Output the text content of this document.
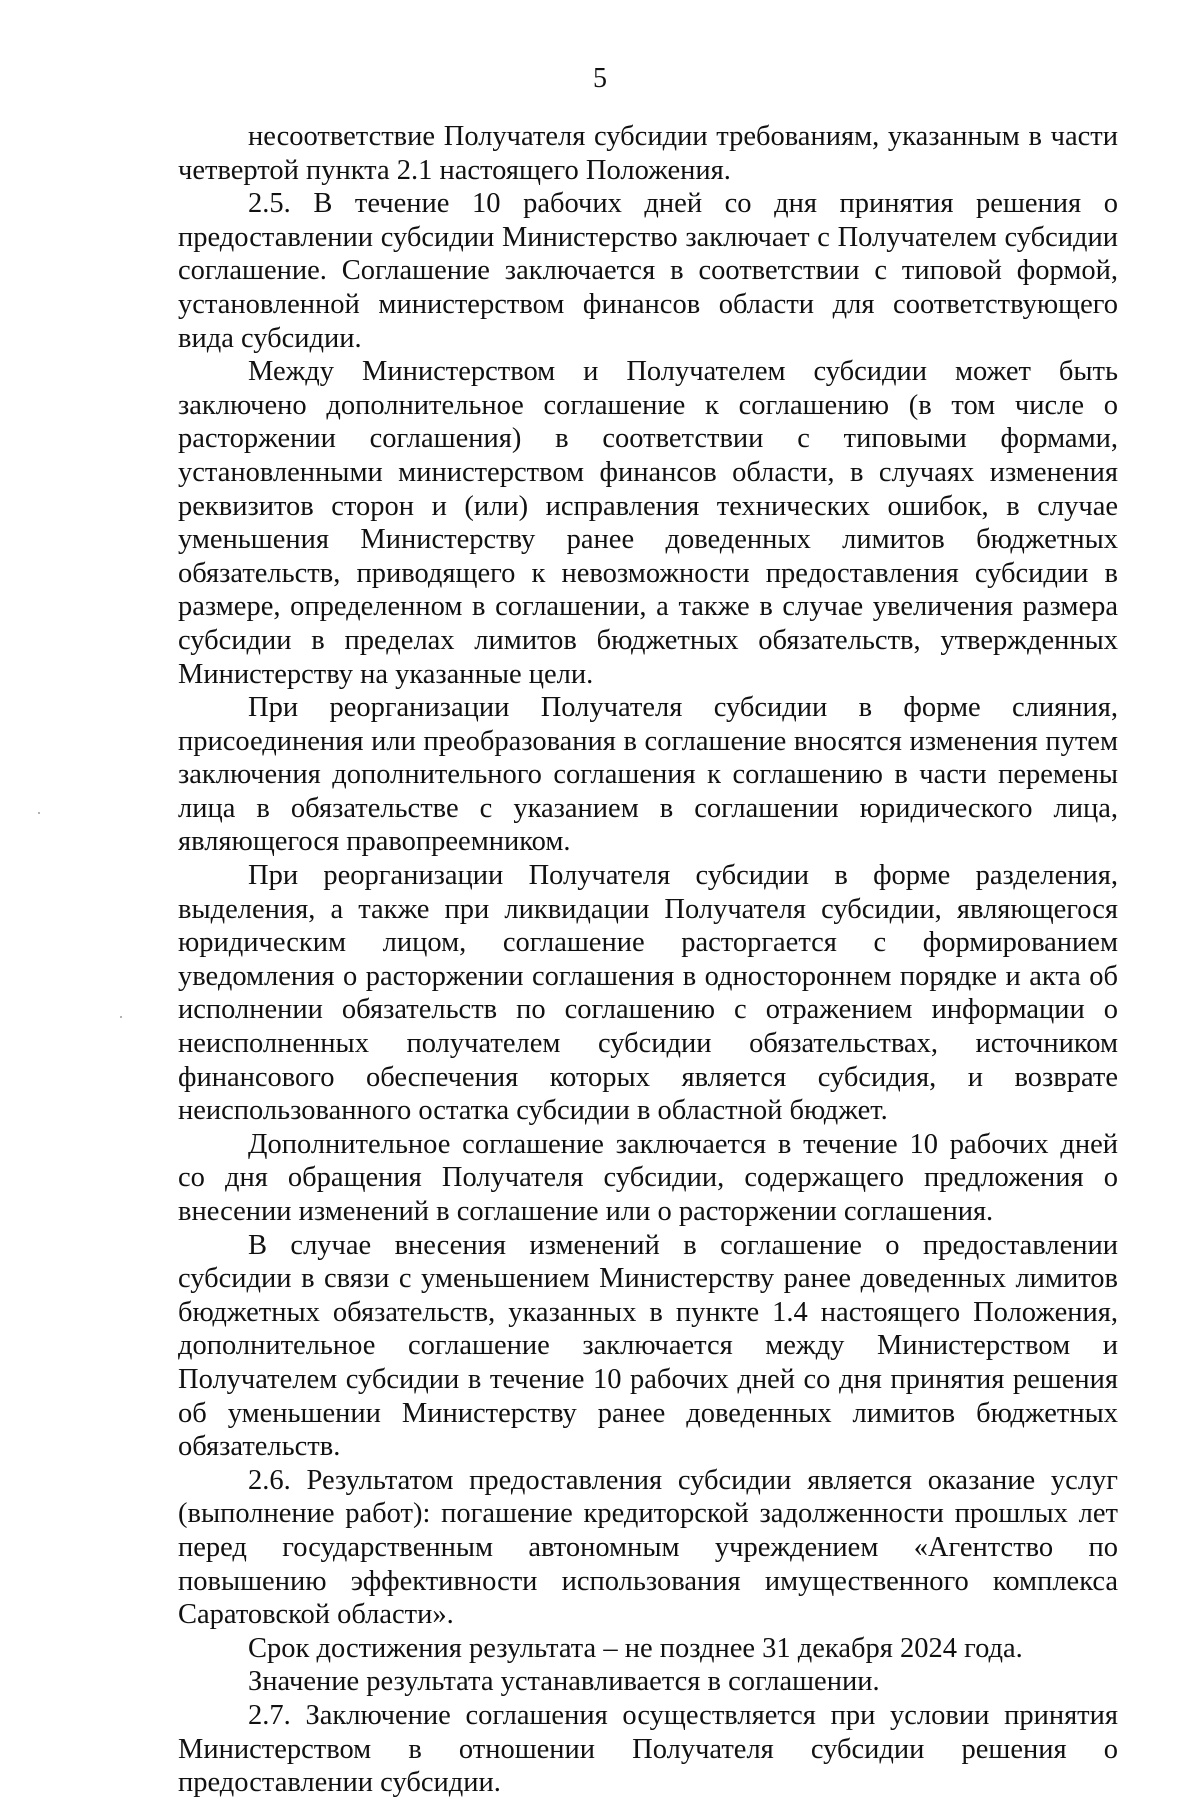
5

несоответствие Получателя субсидии требованиям, указанным в части четвертой пункта 2.1 настоящего Положения.

2.5. В течение 10 рабочих дней со дня принятия решения о предоставлении субсидии Министерство заключает с Получателем субсидии соглашение. Соглашение заключается в соответствии с типовой формой, установленной министерством финансов области для соответствующего вида субсидии.

Между Министерством и Получателем субсидии может быть заключено дополнительное соглашение к соглашению (в том числе о расторжении соглашения) в соответствии с типовыми формами, установленными министерством финансов области, в случаях изменения реквизитов сторон и (или) исправления технических ошибок, в случае уменьшения Министерству ранее доведенных лимитов бюджетных обязательств, приводящего к невозможности предоставления субсидии в размере, определенном в соглашении, а также в случае увеличения размера субсидии в пределах лимитов бюджетных обязательств, утвержденных Министерству на указанные цели.

При реорганизации Получателя субсидии в форме слияния, присоединения или преобразования в соглашение вносятся изменения путем заключения дополнительного соглашения к соглашению в части перемены лица в обязательстве с указанием в соглашении юридического лица, являющегося правопреемником.

При реорганизации Получателя субсидии в форме разделения, выделения, а также при ликвидации Получателя субсидии, являющегося юридическим лицом, соглашение расторгается с формированием уведомления о расторжении соглашения в одностороннем порядке и акта об исполнении обязательств по соглашению с отражением информации о неисполненных получателем субсидии обязательствах, источником финансового обеспечения которых является субсидия, и возврате неиспользованного остатка субсидии в областной бюджет.

Дополнительное соглашение заключается в течение 10 рабочих дней со дня обращения Получателя субсидии, содержащего предложения о внесении изменений в соглашение или о расторжении соглашения.

В случае внесения изменений в соглашение о предоставлении субсидии в связи с уменьшением Министерству ранее доведенных лимитов бюджетных обязательств, указанных в пункте 1.4 настоящего Положения, дополнительное соглашение заключается между Министерством и Получателем субсидии в течение 10 рабочих дней со дня принятия решения об уменьшении Министерству ранее доведенных лимитов бюджетных обязательств.

2.6. Результатом предоставления субсидии является оказание услуг (выполнение работ): погашение кредиторской задолженности прошлых лет перед государственным автономным учреждением «Агентство по повышению эффективности использования имущественного комплекса Саратовской области».

Срок достижения результата – не позднее 31 декабря 2024 года.

Значение результата устанавливается в соглашении.

2.7. Заключение соглашения осуществляется при условии принятия Министерством в отношении Получателя субсидии решения о предоставлении субсидии.
